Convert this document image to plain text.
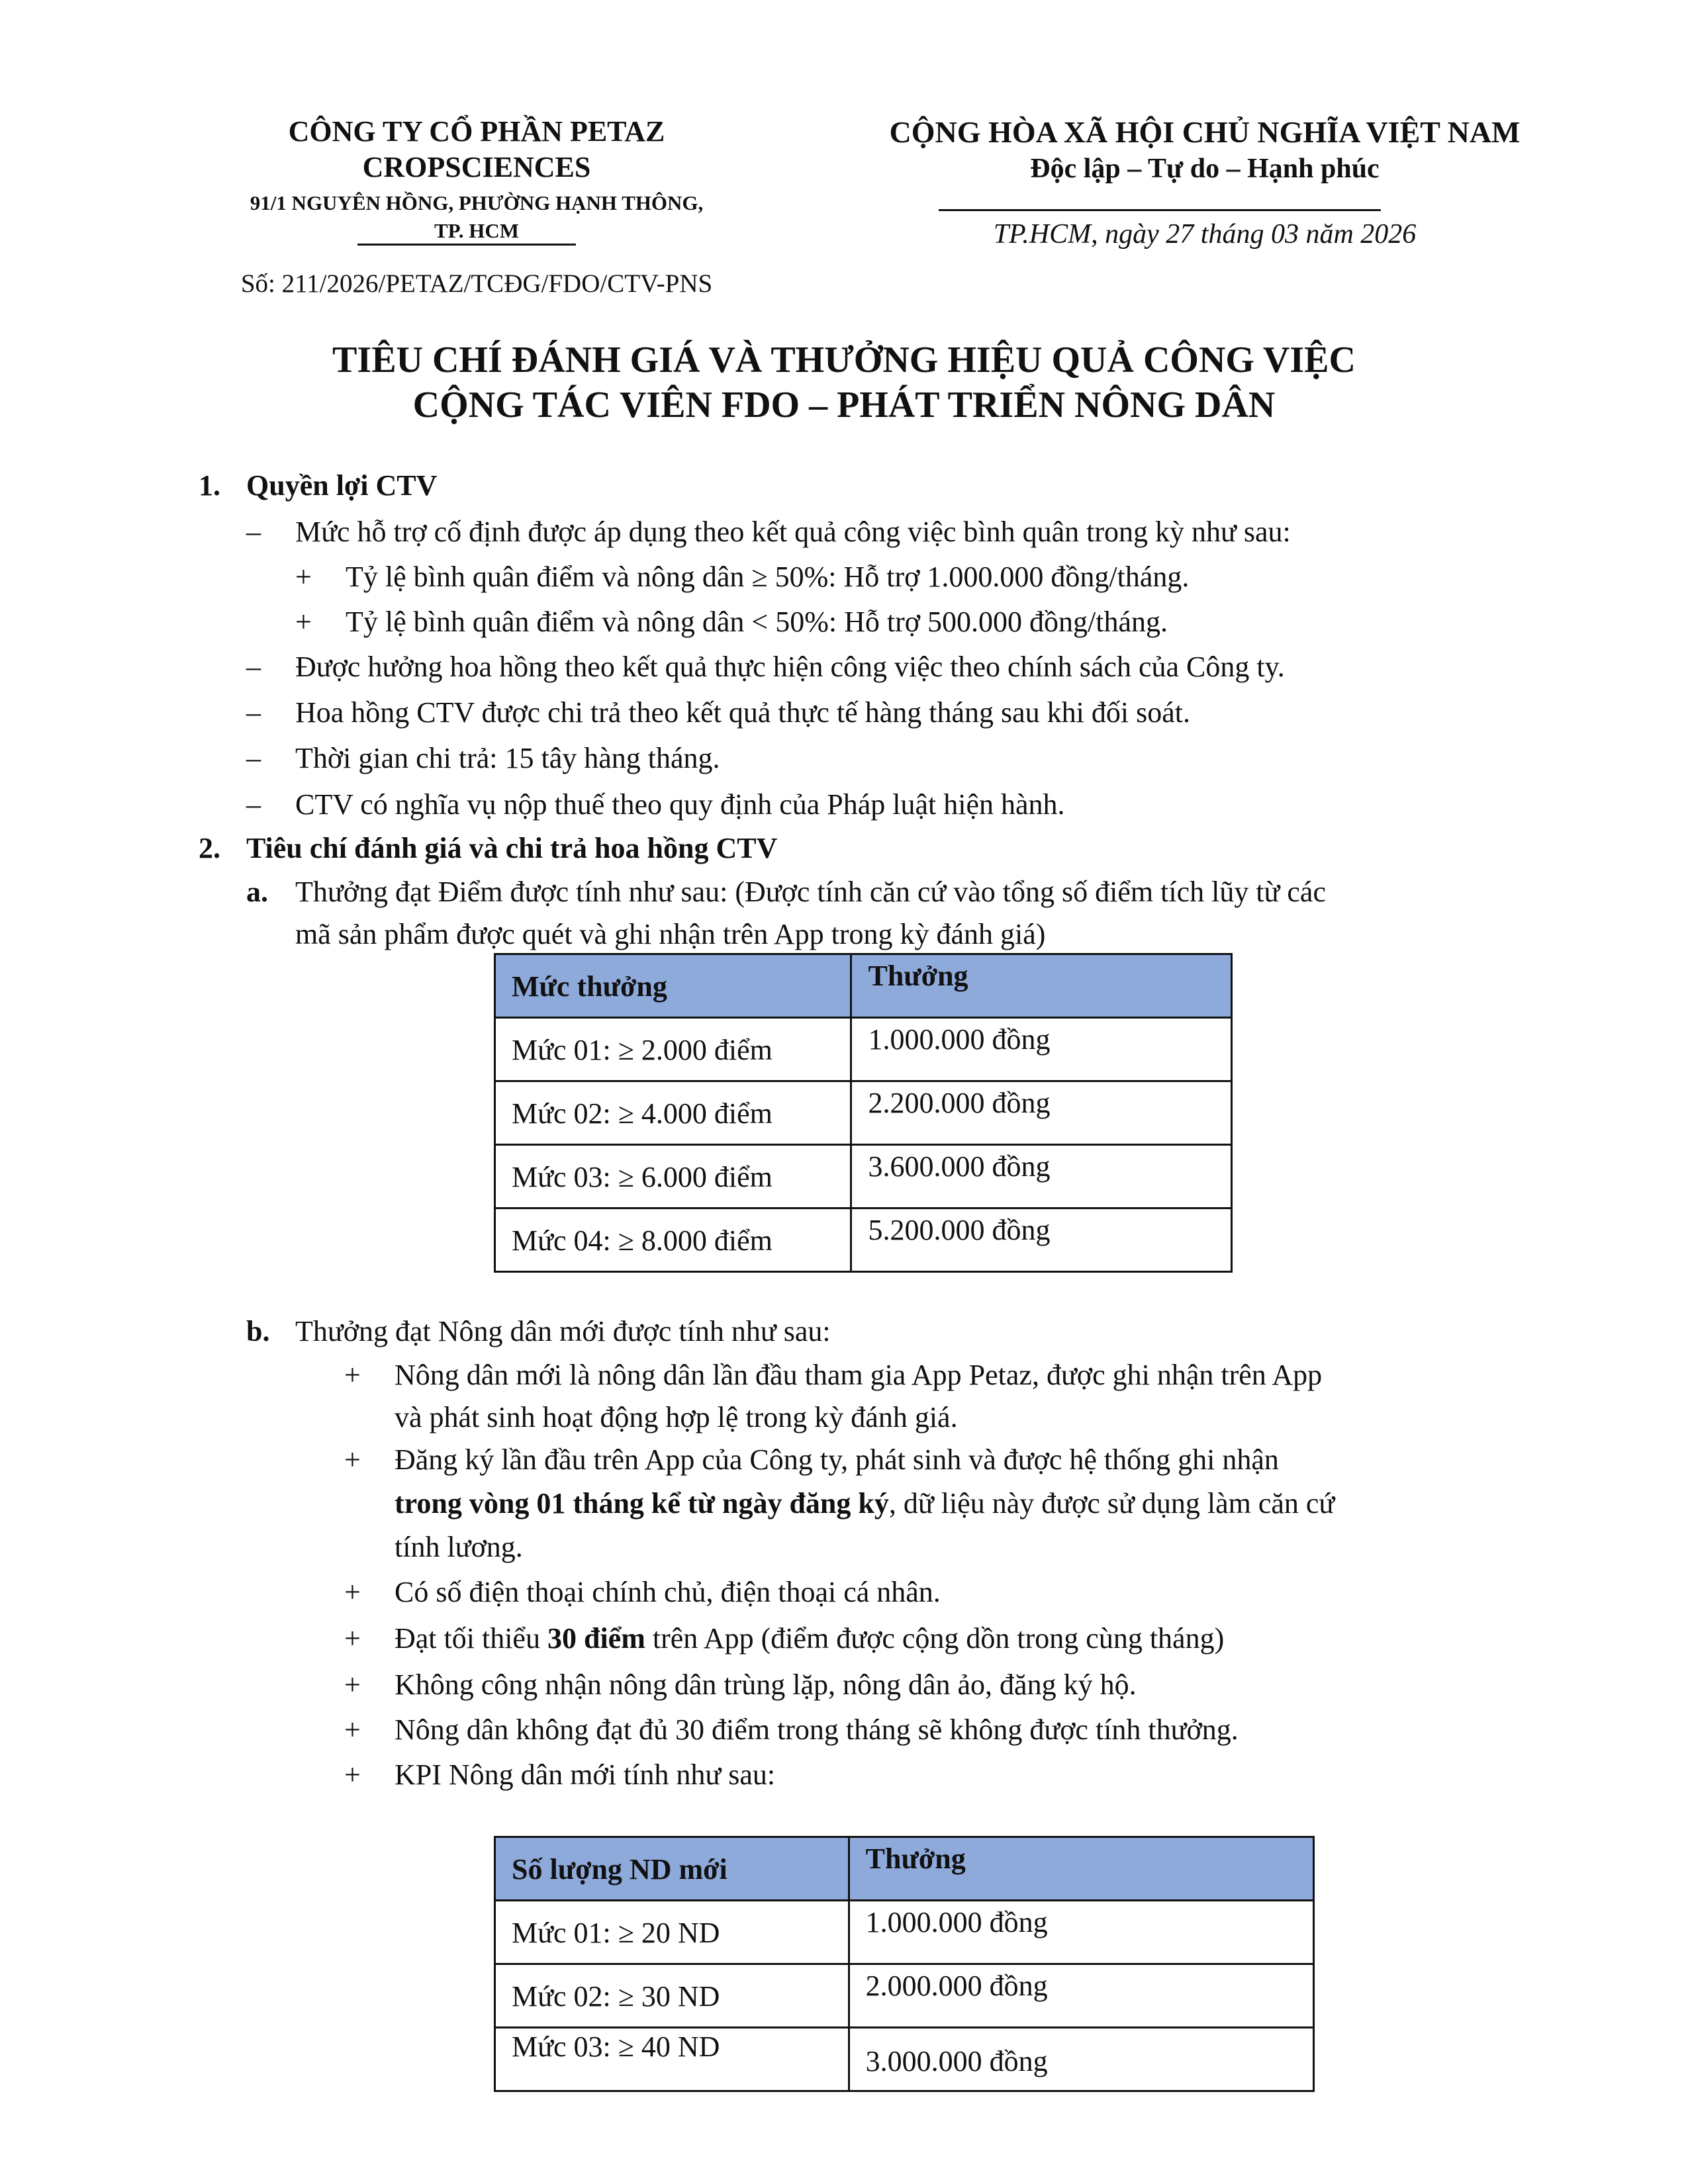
CÔNG TY CỔ PHẦN PETAZ
CROPSCIENCES
91/1 NGUYÊN HỒNG, PHƯỜNG HẠNH THÔNG,
TP. HCM
Số: 211/2026/PETAZ/TCĐG/FDO/CTV-PNS
CỘNG HÒA XÃ HỘI CHỦ NGHĨA VIỆT NAM
Độc lập – Tự do – Hạnh phúc
TP.HCM, ngày 27 tháng 03 năm 2026
TIÊU CHÍ ĐÁNH GIÁ VÀ THƯỞNG HIỆU QUẢ CÔNG VIỆC
CỘNG TÁC VIÊN FDO – PHÁT TRIỂN NÔNG DÂN
1. Quyền lợi CTV
– Mức hỗ trợ cố định được áp dụng theo kết quả công việc bình quân trong kỳ như sau:
+ Tỷ lệ bình quân điểm và nông dân ≥ 50%: Hỗ trợ 1.000.000 đồng/tháng.
+ Tỷ lệ bình quân điểm và nông dân < 50%: Hỗ trợ 500.000 đồng/tháng.
– Được hưởng hoa hồng theo kết quả thực hiện công việc theo chính sách của Công ty.
– Hoa hồng CTV được chi trả theo kết quả thực tế hàng tháng sau khi đối soát.
– Thời gian chi trả: 15 tây hàng tháng.
– CTV có nghĩa vụ nộp thuế theo quy định của Pháp luật hiện hành.
2. Tiêu chí đánh giá và chi trả hoa hồng CTV
a. Thưởng đạt Điểm được tính như sau: (Được tính căn cứ vào tổng số điểm tích lũy từ các
mã sản phẩm được quét và ghi nhận trên App trong kỳ đánh giá)
Mức thưởng	Thưởng
Mức 01: ≥ 2.000 điểm	1.000.000 đồng
Mức 02: ≥ 4.000 điểm	2.200.000 đồng
Mức 03: ≥ 6.000 điểm	3.600.000 đồng
Mức 04: ≥ 8.000 điểm	5.200.000 đồng
b. Thưởng đạt Nông dân mới được tính như sau:
+ Nông dân mới là nông dân lần đầu tham gia App Petaz, được ghi nhận trên App
và phát sinh hoạt động hợp lệ trong kỳ đánh giá.
+ Đăng ký lần đầu trên App của Công ty, phát sinh và được hệ thống ghi nhận
trong vòng 01 tháng kể từ ngày đăng ký, dữ liệu này được sử dụng làm căn cứ
tính lương.
+ Có số điện thoại chính chủ, điện thoại cá nhân.
+ Đạt tối thiểu 30 điểm trên App (điểm được cộng dồn trong cùng tháng)
+ Không công nhận nông dân trùng lặp, nông dân ảo, đăng ký hộ.
+ Nông dân không đạt đủ 30 điểm trong tháng sẽ không được tính thưởng.
+ KPI Nông dân mới tính như sau:
Số lượng ND mới	Thưởng
Mức 01: ≥ 20 ND	1.000.000 đồng
Mức 02: ≥ 30 ND	2.000.000 đồng
Mức 03: ≥ 40 ND	3.000.000 đồng
